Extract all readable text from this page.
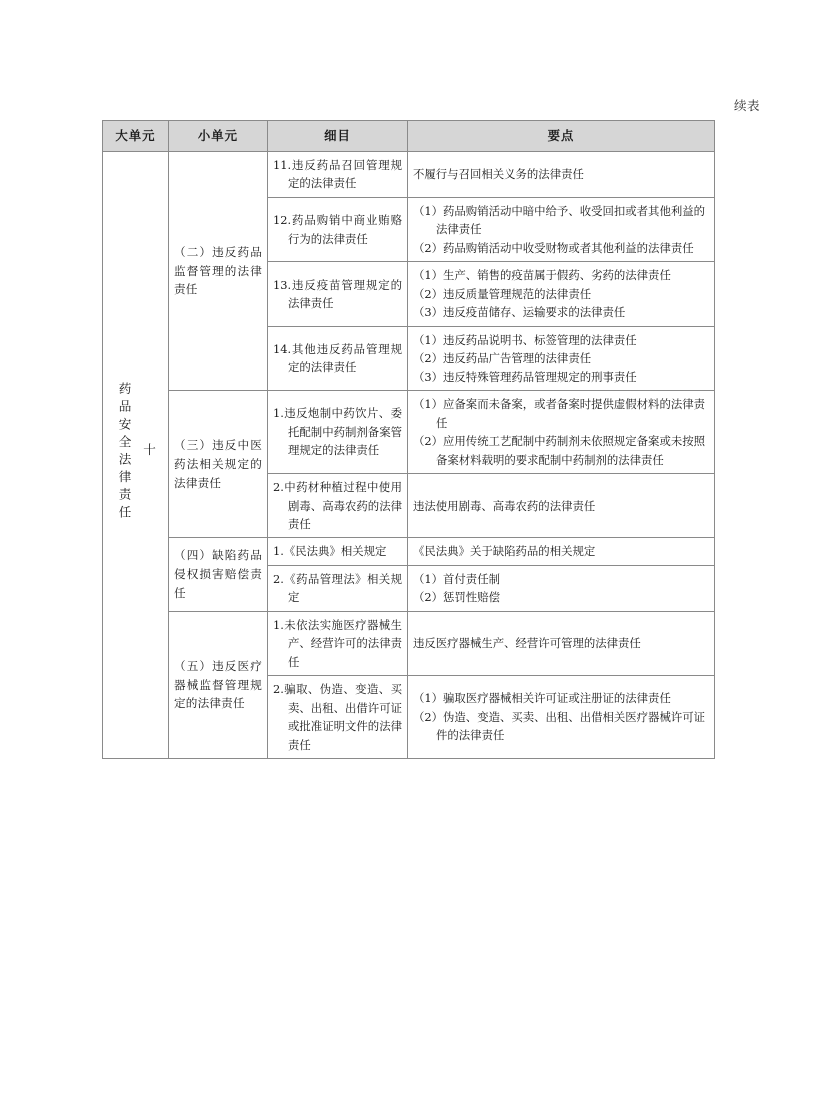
续表
大单元	小单元	细目	要点
十
药品安全法律责任	（二）违反药品监督管理的法律责任	11.违反药品召回管理规定的法律责任	不履行与召回相关义务的法律责任

		12.药品购销中商业贿赂行为的法律责任	（1）药品购销活动中暗中给予、收受回扣或者其他利益的法律责任
（2）药品购销活动中收受财物或者其他利益的法律责任

		13.违反疫苗管理规定的法律责任	（1）生产、销售的疫苗属于假药、劣药的法律责任
（2）违反质量管理规范的法律责任
（3）违反疫苗储存、运输要求的法律责任

		14.其他违反药品管理规定的法律责任	（1）违反药品说明书、标签管理的法律责任
（2）违反药品广告管理的法律责任
（3）违反特殊管理药品管理规定的刑事责任

	（三）违反中医药法相关规定的法律责任	1.违反炮制中药饮片、委托配制中药制剂备案管理规定的法律责任	（1）应备案而未备案，或者备案时提供虚假材料的法律责任
（2）应用传统工艺配制中药制剂未依照规定备案或未按照备案材料载明的要求配制中药制剂的法律责任

		2.中药材种植过程中使用剧毒、高毒农药的法律责任	违法使用剧毒、高毒农药的法律责任

	（四）缺陷药品侵权损害赔偿责任	1.《民法典》相关规定	《民法典》关于缺陷药品的相关规定

		2.《药品管理法》相关规定	（1）首付责任制
（2）惩罚性赔偿

	（五）违反医疗器械监督管理规定的法律责任	1.未依法实施医疗器械生产、经营许可的法律责任	违反医疗器械生产、经营许可管理的法律责任

		2.骗取、伪造、变造、买卖、出租、出借许可证或批准证明文件的法律责任	（1）骗取医疗器械相关许可证或注册证的法律责任
（2）伪造、变造、买卖、出租、出借相关医疗器械许可证件的法律责任
